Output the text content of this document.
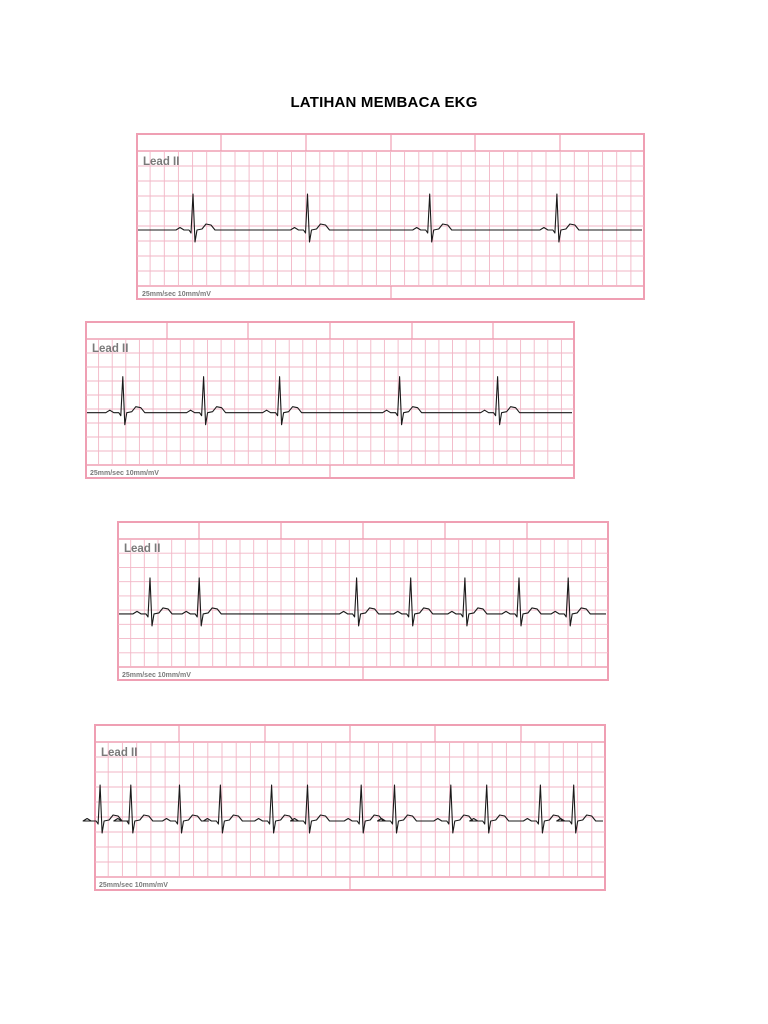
LATIHAN MEMBACA EKG
Lead II
25mm/sec 10mm/mV
Lead II
25mm/sec 10mm/mV
Lead II
25mm/sec 10mm/mV
Lead II
25mm/sec 10mm/mV
